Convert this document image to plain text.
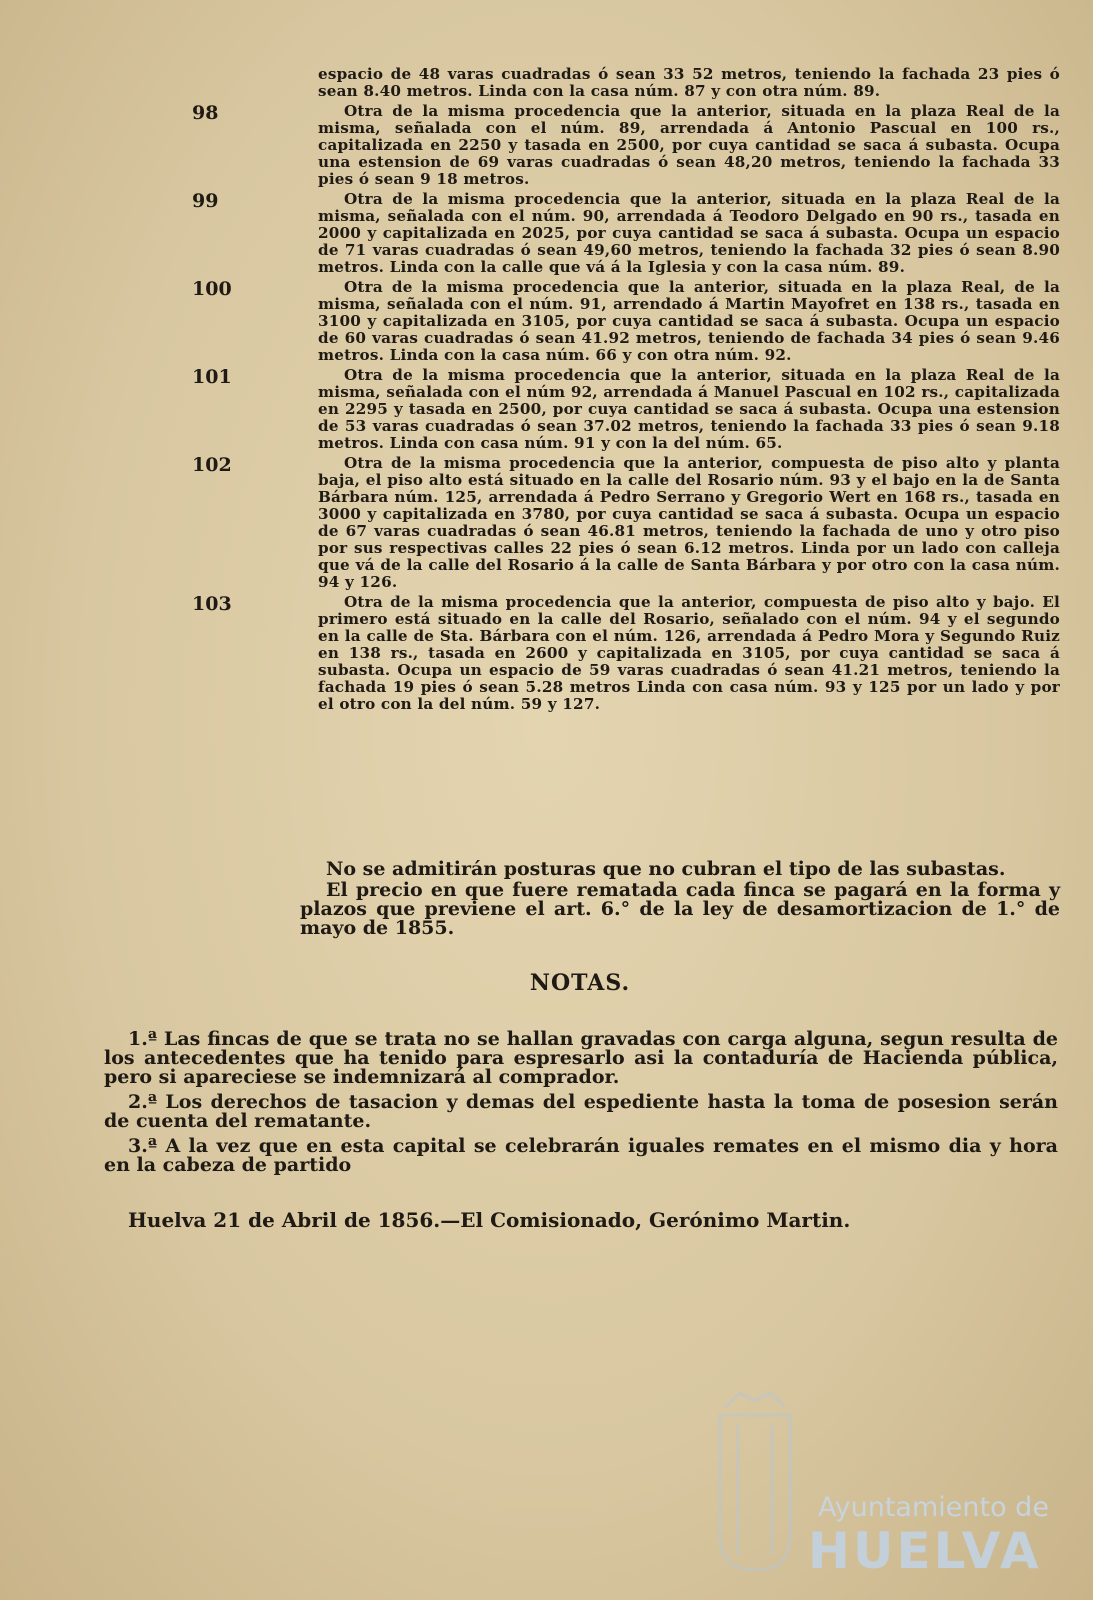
espacio de 48 varas cuadradas ó sean 33 52 metros, teniendo la fachada 23 pies ó sean 8.40 metros. Linda con la casa núm. 87 y con otra núm. 89.
98	Otra de la misma procedencia que la anterior, situada en la plaza Real de la misma, señalada con el núm. 89, arrendada á Antonio Pascual en 100 rs., capitalizada en 2250 y tasada en 2500, por cuya cantidad se saca á subasta. Ocupa una estension de 69 varas cuadradas ó sean 48,20 metros, teniendo la fachada 33 pies ó sean 9 18 metros.
99	Otra de la misma procedencia que la anterior, situada en la plaza Real de la misma, señalada con el núm. 90, arrendada á Teodoro Delgado en 90 rs., tasada en 2000 y capitalizada en 2025, por cuya cantidad se saca á subasta. Ocupa un espacio de 71 varas cuadradas ó sean 49,60 metros, teniendo la fachada 32 pies ó sean 8.90 metros. Linda con la calle que vá á la Iglesia y con la casa núm. 89.
100	Otra de la misma procedencia que la anterior, situada en la plaza Real, de la misma, señalada con el núm. 91, arrendado á Martin Mayofret en 138 rs., tasada en 3100 y capitalizada en 3105, por cuya cantidad se saca á subasta. Ocupa un espacio de 60 varas cuadradas ó sean 41.92 metros, teniendo de fachada 34 pies ó sean 9.46 metros. Linda con la casa núm. 66 y con otra núm. 92.
101	Otra de la misma procedencia que la anterior, situada en la plaza Real de la misma, señalada con el núm 92, arrendada á Manuel Pascual en 102 rs., capitalizada en 2295 y tasada en 2500, por cuya cantidad se saca á subasta. Ocupa una estension de 53 varas cuadradas ó sean 37.02 metros, teniendo la fachada 33 pies ó sean 9.18 metros. Linda con casa núm. 91 y con la del núm. 65.
102	Otra de la misma procedencia que la anterior, compuesta de piso alto y planta baja, el piso alto está situado en la calle del Rosario núm. 93 y el bajo en la de Santa Bárbara núm. 125, arrendada á Pedro Serrano y Gregorio Wert en 168 rs., tasada en 3000 y capitalizada en 3780, por cuya cantidad se saca á subasta. Ocupa un espacio de 67 varas cuadradas ó sean 46.81 metros, teniendo la fachada de uno y otro piso por sus respectivas calles 22 pies ó sean 6.12 metros. Linda por un lado con calleja que vá de la calle del Rosario á la calle de Santa Bárbara y por otro con la casa núm. 94 y 126.
103	Otra de la misma procedencia que la anterior, compuesta de piso alto y bajo. El primero está situado en la calle del Rosario, señalado con el núm. 94 y el segundo en la calle de Sta. Bárbara con el núm. 126, arrendada á Pedro Mora y Segundo Ruiz en 138 rs., tasada en 2600 y capitalizada en 3105, por cuya cantidad se saca á subasta. Ocupa un espacio de 59 varas cuadradas ó sean 41.21 metros, teniendo la fachada 19 pies ó sean 5.28 metros Linda con casa núm. 93 y 125 por un lado y por el otro con la del núm. 59 y 127.

No se admitirán posturas que no cubran el tipo de las subastas.

El precio en que fuere rematada cada finca se pagará en la forma y plazos que previene el art. 6.° de la ley de desamortizacion de 1.° de mayo de 1855.

NOTAS.

1.ª Las fincas de que se trata no se hallan gravadas con carga alguna, segun resulta de los antecedentes que ha tenido para espresarlo asi la contaduría de Hacienda pública, pero si apareciese se indemnizará al comprador.

2.ª Los derechos de tasacion y demas del espediente hasta la toma de posesion serán de cuenta del rematante.

3.ª A la vez que en esta capital se celebrarán iguales remates en el mismo dia y hora en la cabeza de partido

Huelva 21 de Abril de 1856.—El Comisionado, Gerónimo Martin.
Ayuntamiento de
HUELVA
